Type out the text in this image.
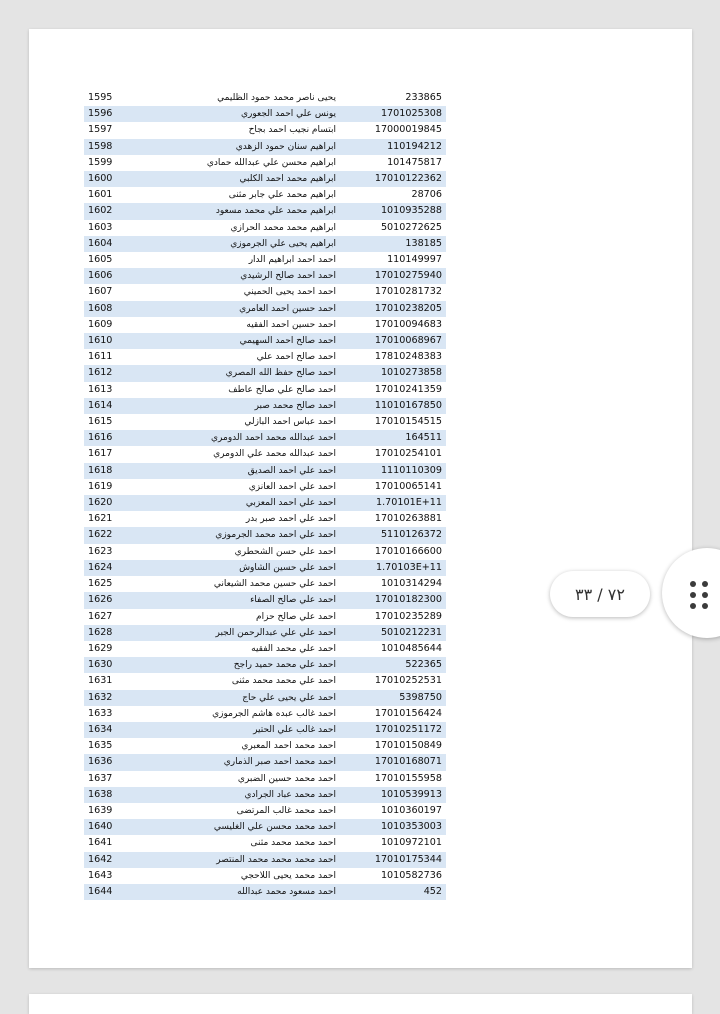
1595	يحيى ناصر محمد حمود الظليمي	233865
1596	يونس علي احمد الجعوري	1701025308
1597	ابتسام نجيب احمد بجاح	17000019845
1598	ابراهيم سنان حمود الزهدي	110194212
1599	ابراهيم محسن علي عبدالله حمادي	101475817
1600	ابراهيم محمد احمد الكلبي	17010122362
1601	ابراهيم محمد علي جابر مثنى	28706
1602	ابراهيم محمد علي محمد مسعود	1010935288
1603	ابراهيم محمد محمد الحرازي	5010272625
1604	ابراهيم يحيى علي الجرموزي	138185
1605	احمد احمد ابراهيم الدار	110149997
1606	احمد احمد صالح الرشيدي	17010275940
1607	احمد احمد يحيى الحميني	17010281732
1608	احمد حسين احمد العامري	17010238205
1609	احمد حسين احمد الفقيه	17010094683
1610	احمد صالح احمد السهيمي	17010068967
1611	احمد صالح احمد علي	17810248383
1612	احمد صالح حفظ الله المصري	1010273858
1613	احمد صالح علي صالح عاطف	17010241359
1614	احمد صالح محمد صبر	11010167850
1615	احمد عباس احمد البازلي	17010154515
1616	احمد عبدالله محمد احمد الدومري	164511
1617	احمد عبدالله محمد علي الدومري	17010254101
1618	احمد علي احمد الصديق	1110110309
1619	احمد علي احمد العانزي	17010065141
1620	احمد علي احمد المعزبي	1.70101E+11
1621	احمد علي احمد صبر بدر	17010263881
1622	احمد علي احمد محمد الجرموزي	5110126372
1623	احمد علي حسن الشحطري	17010166600
1624	احمد علي حسين الشاوش	1.70103E+11
1625	احمد علي حسين محمد الشيعاني	1010314294
1626	احمد علي صالح الصفاء	17010182300
1627	احمد علي صالح حزام	17010235289
1628	احمد علي علي عبدالرحمن الجبر	5010212231
1629	احمد علي محمد الفقيه	1010485644
1630	احمد علي محمد حميد راجح	522365
1631	احمد علي محمد محمد مثنى	17010252531
1632	احمد علي يحيى علي حاج	5398750
1633	احمد غالب عبده هاشم الجرموزي	17010156424
1634	احمد غالب علي الحتير	17010251172
1635	احمد محمد احمد المعبري	17010150849
1636	احمد محمد احمد صبر الذماري	17010168071
1637	احمد محمد حسين الضبري	17010155958
1638	احمد محمد عباد الجرادي	1010539913
1639	احمد محمد غالب المرتضى	1010360197
1640	احمد محمد محسن علي الغليسي	1010353003
1641	احمد محمد محمد مثنى	1010972101
1642	احمد محمد محمد محمد المنتصر	17010175344
1643	احمد محمد يحيى اللاحجي	1010582736
1644	احمد مسعود محمد عبدالله	452
٧٢ / ٣٣
